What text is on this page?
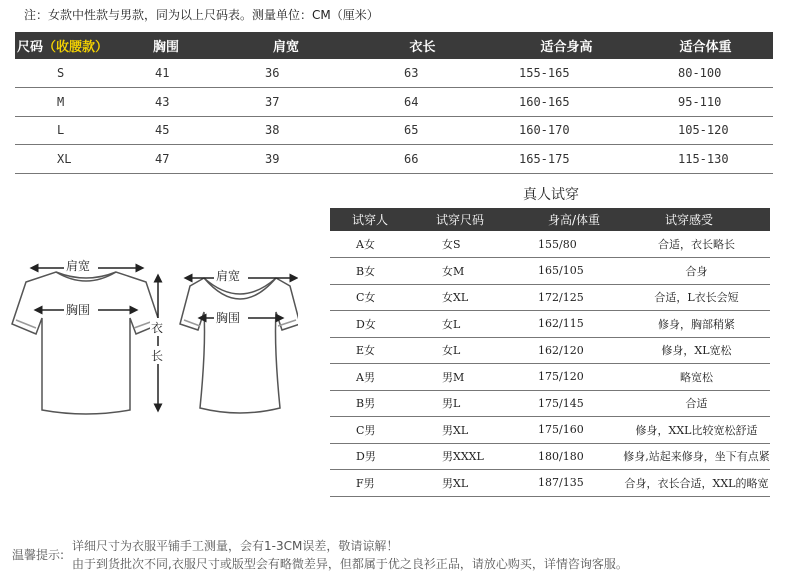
注：女款中性款与男款，同为以上尺码表。测量单位：CM（厘米）
尺码（收腰款）	胸围	肩宽	衣长	适合身高	适合体重
S	41	36	63	155-165	80-100
M	43	37	64	160-165	95-110
L	45	38	65	160-170	105-120
XL	47	39	66	165-175	115-130
真人试穿
试穿人	试穿尺码	身高/体重	试穿感受
A女	女S	155/80	合适，衣长略长
B女	女M	165/105	合身
C女	女XL	172/125	合适，L衣长会短
D女	女L	162/115	修身，胸部稍紧
E女	女L	162/120	修身，XL宽松
A男	男M	175/120	略宽松
B男	男L	175/145	合适
C男	男XL	175/160	修身，XXL比较宽松舒适
D男	男XXXL	180/180	修身,站起来修身，坐下有点紧
F男	男XL	187/135	合身，衣长合适，XXL的略宽
肩宽
胸围
衣
长
肩宽
胸围
温馨提示:
详细尺寸为衣服平铺手工测量，会有1-3CM误差，敬请谅解！
由于到货批次不同,衣服尺寸或版型会有略微差异，但都属于优之良衫正品，请放心购买，详情咨询客服。
